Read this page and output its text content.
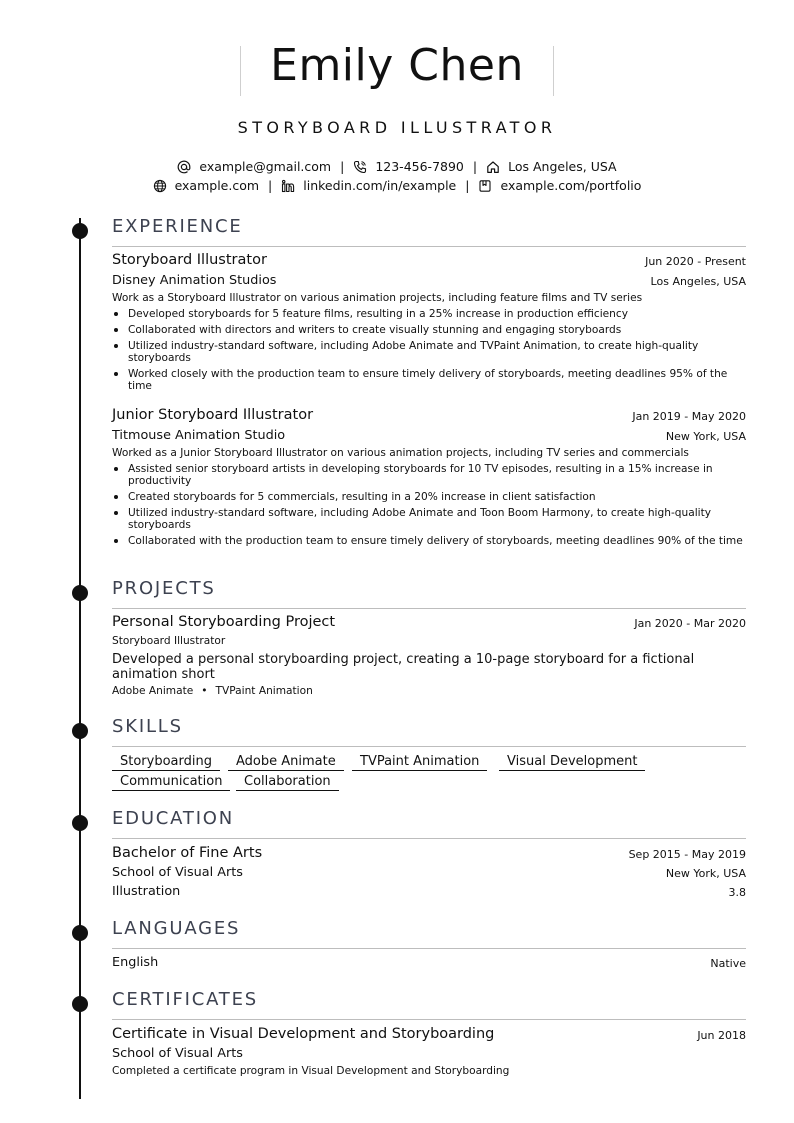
Emily Chen
STORYBOARD ILLUSTRATOR
example@gmail.com | 123-456-7890 | Los Angeles, USA
example.com | linkedin.com/in/example | example.com/portfolio
EXPERIENCE
Storyboard Illustrator	Jun 2020 - Present
Disney Animation Studios	Los Angeles, USA
Work as a Storyboard Illustrator on various animation projects, including feature films and TV series
Developed storyboards for 5 feature films, resulting in a 25% increase in production efficiency
Collaborated with directors and writers to create visually stunning and engaging storyboards
Utilized industry-standard software, including Adobe Animate and TVPaint Animation, to create high-quality storyboards
Worked closely with the production team to ensure timely delivery of storyboards, meeting deadlines 95% of the time
Junior Storyboard Illustrator	Jan 2019 - May 2020
Titmouse Animation Studio	New York, USA
Worked as a Junior Storyboard Illustrator on various animation projects, including TV series and commercials
Assisted senior storyboard artists in developing storyboards for 10 TV episodes, resulting in a 15% increase in productivity
Created storyboards for 5 commercials, resulting in a 20% increase in client satisfaction
Utilized industry-standard software, including Adobe Animate and Toon Boom Harmony, to create high-quality storyboards
Collaborated with the production team to ensure timely delivery of storyboards, meeting deadlines 90% of the time
PROJECTS
Personal Storyboarding Project	Jan 2020 - Mar 2020
Storyboard Illustrator
Developed a personal storyboarding project, creating a 10-page storyboard for a fictional animation short
Adobe Animate • TVPaint Animation
SKILLS
Storyboarding	Adobe Animate	TVPaint Animation	Visual Development
Communication	Collaboration
EDUCATION
Bachelor of Fine Arts	Sep 2015 - May 2019
School of Visual Arts	New York, USA
Illustration	3.8
LANGUAGES
English	Native
CERTIFICATES
Certificate in Visual Development and Storyboarding	Jun 2018
School of Visual Arts
Completed a certificate program in Visual Development and Storyboarding
